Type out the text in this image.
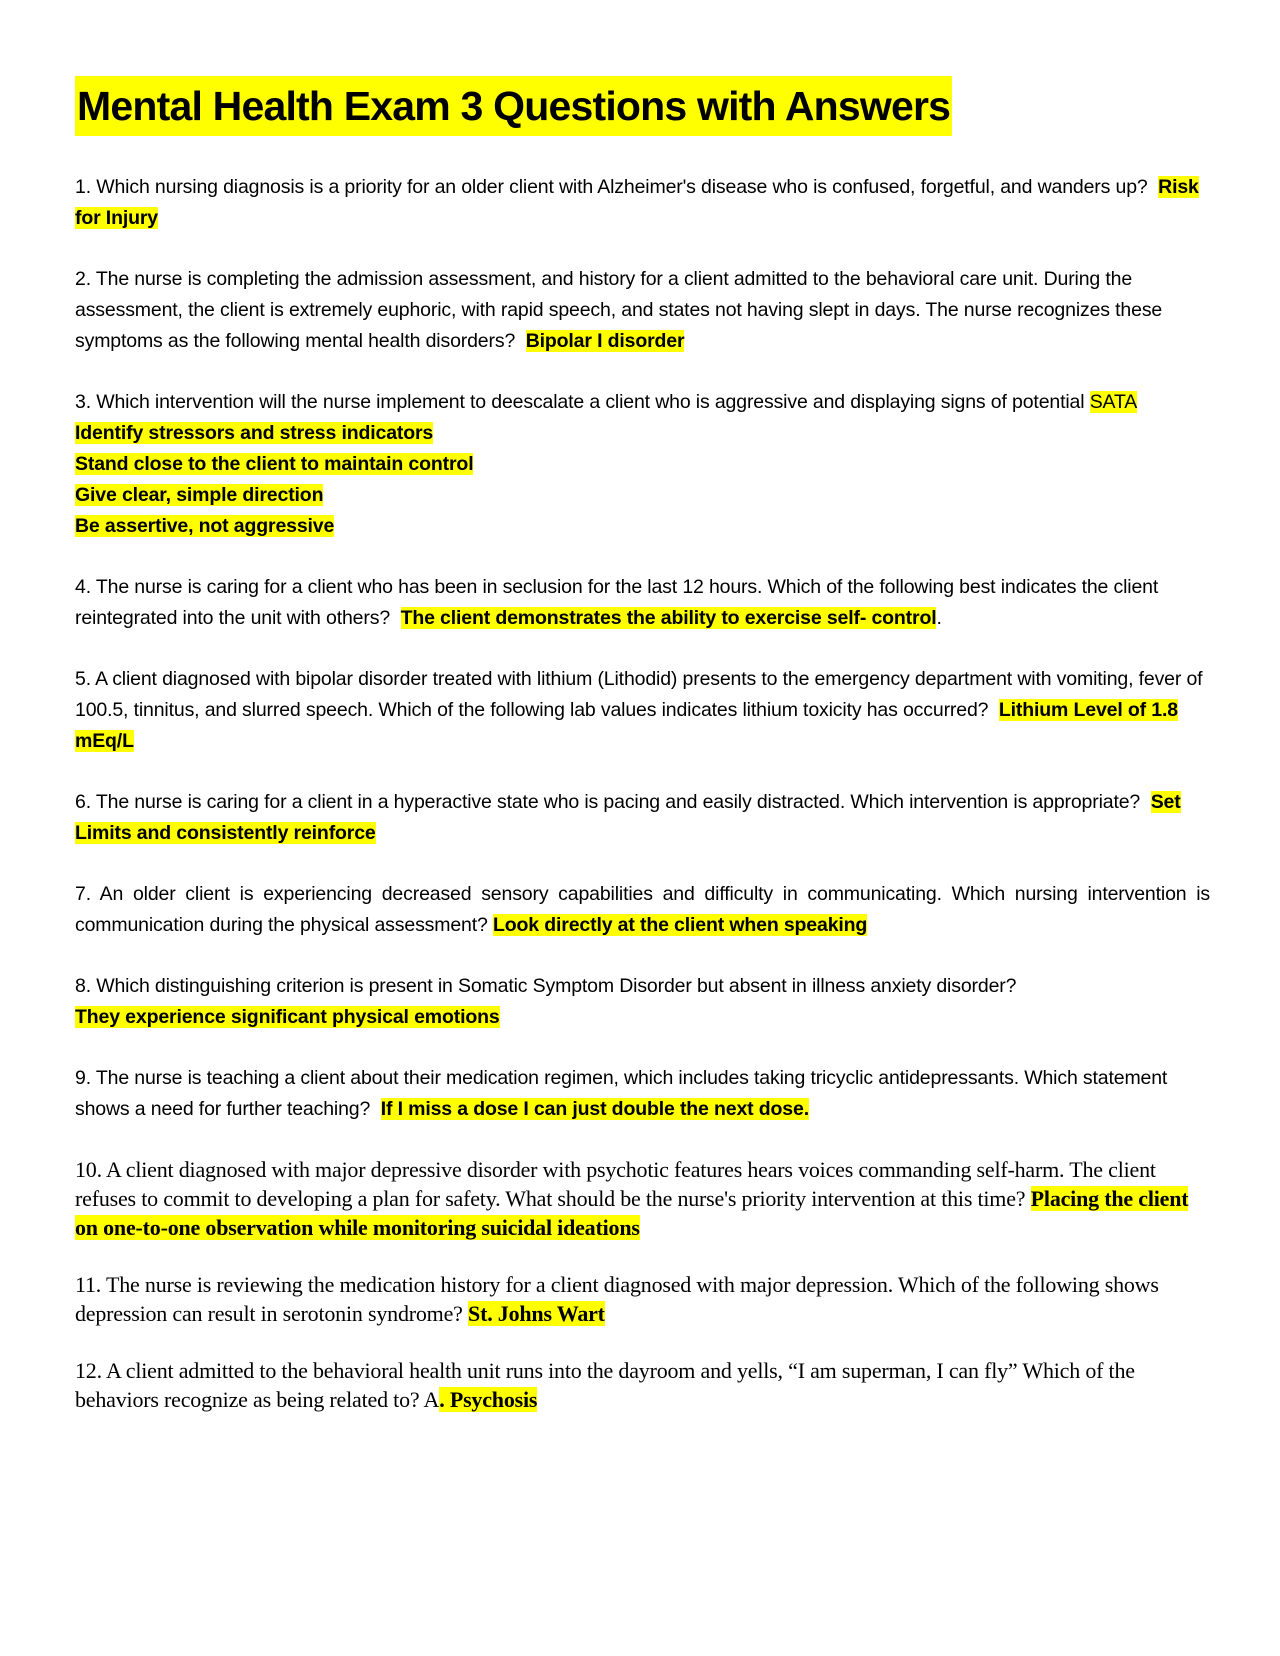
Mental Health Exam 3 Questions with Answers

1. Which nursing diagnosis is a priority for an older client with Alzheimer's disease who is confused, forgetful, and wanders up? Risk for Injury

2. The nurse is completing the admission assessment, and history for a client admitted to the behavioral care unit. During the assessment, the client is extremely euphoric, with rapid speech, and states not having slept in days. The nurse recognizes these symptoms as the following mental health disorders? Bipolar I disorder

3. Which intervention will the nurse implement to deescalate a client who is aggressive and displaying signs of potential SATA
Identify stressors and stress indicators
Stand close to the client to maintain control
Give clear, simple direction
Be assertive, not aggressive

4. The nurse is caring for a client who has been in seclusion for the last 12 hours. Which of the following best indicates the client reintegrated into the unit with others? The client demonstrates the ability to exercise self- control.

5. A client diagnosed with bipolar disorder treated with lithium (Lithodid) presents to the emergency department with vomiting, fever of 100.5, tinnitus, and slurred speech. Which of the following lab values indicates lithium toxicity has occurred? Lithium Level of 1.8 mEq/L

6. The nurse is caring for a client in a hyperactive state who is pacing and easily distracted. Which intervention is appropriate? Set Limits and consistently reinforce

7. An older client is experiencing decreased sensory capabilities and difficulty in communicating. Which nursing intervention is communication during the physical assessment? Look directly at the client when speaking

8. Which distinguishing criterion is present in Somatic Symptom Disorder but absent in illness anxiety disorder?
They experience significant physical emotions

9. The nurse is teaching a client about their medication regimen, which includes taking tricyclic antidepressants. Which statement shows a need for further teaching? If I miss a dose I can just double the next dose.

10. A client diagnosed with major depressive disorder with psychotic features hears voices commanding self-harm. The client refuses to commit to developing a plan for safety. What should be the nurse's priority intervention at this time? Placing the client on one-to-one observation while monitoring suicidal ideations

11. The nurse is reviewing the medication history for a client diagnosed with major depression. Which of the following shows depression can result in serotonin syndrome? St. Johns Wart

12. A client admitted to the behavioral health unit runs into the dayroom and yells, “I am superman, I can fly” Which of the behaviors recognize as being related to? A. Psychosis
